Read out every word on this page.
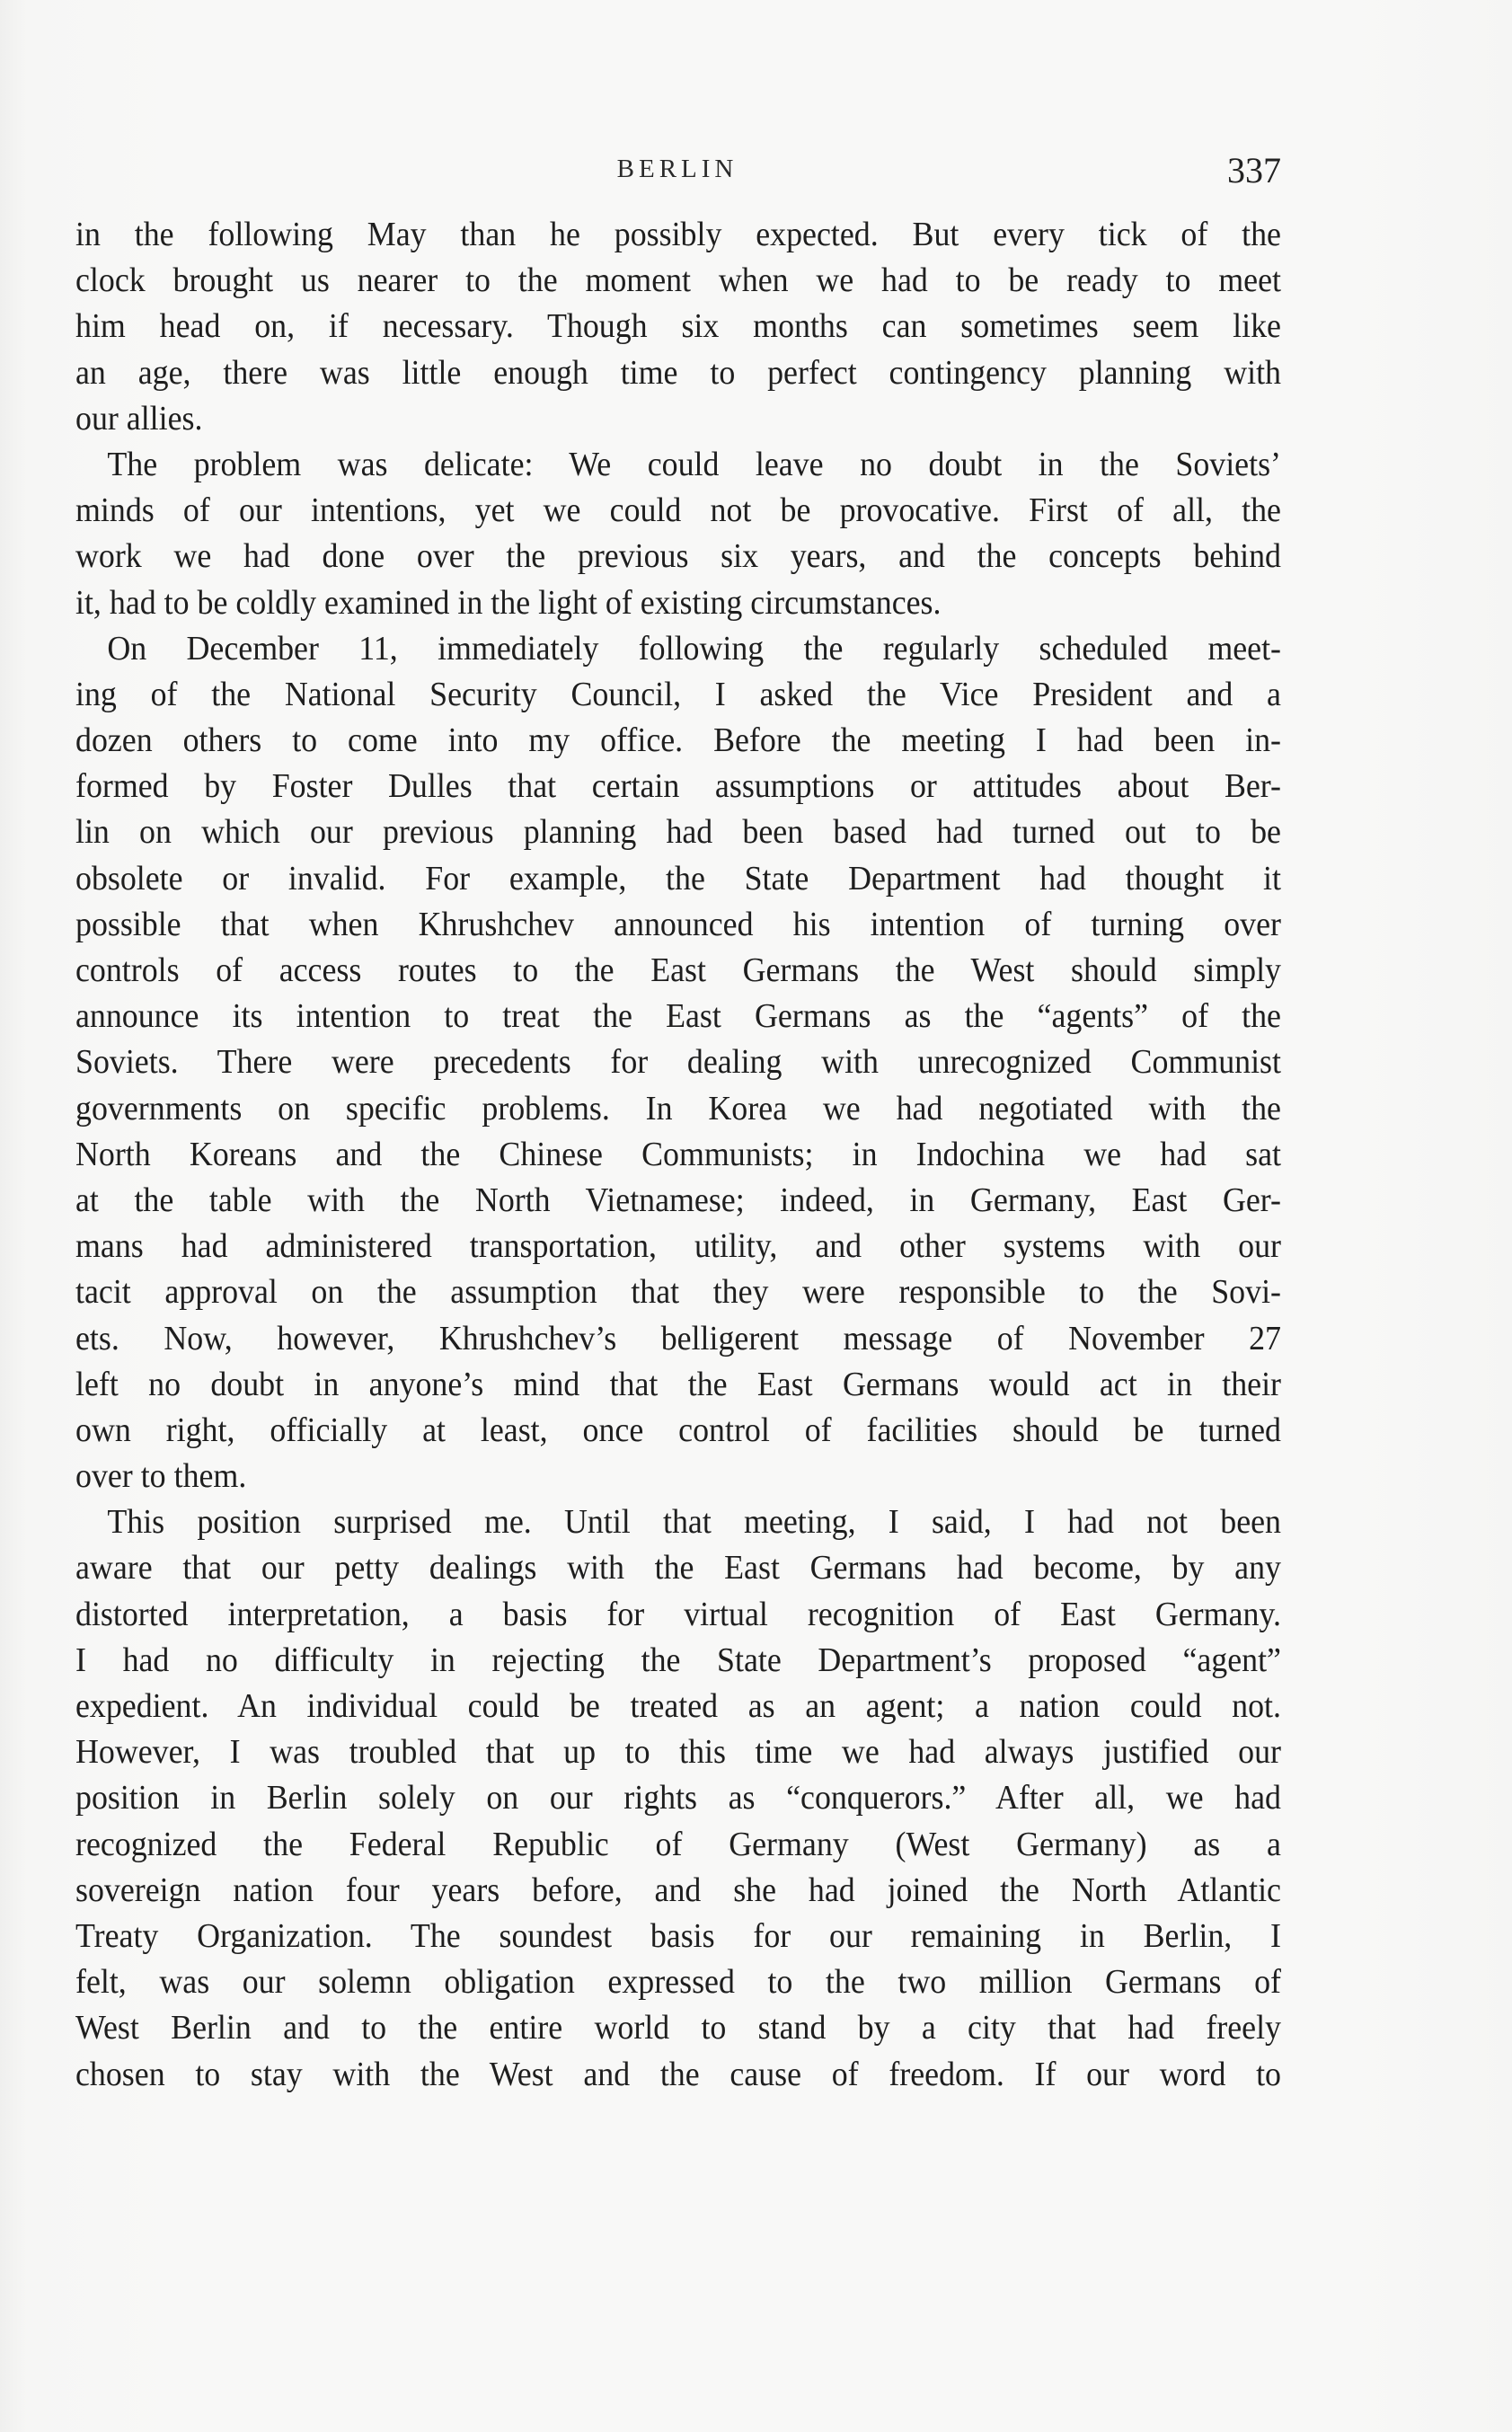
BERLIN	337
in the following May than he possibly expected. But every tick of the
clock brought us nearer to the moment when we had to be ready to meet
him head on, if necessary. Though six months can sometimes seem like
an age, there was little enough time to perfect contingency planning with
our allies.
The problem was delicate: We could leave no doubt in the Soviets’
minds of our intentions, yet we could not be provocative. First of all, the
work we had done over the previous six years, and the concepts behind
it, had to be coldly examined in the light of existing circumstances.
On December 11, immediately following the regularly scheduled meet-
ing of the National Security Council, I asked the Vice President and a
dozen others to come into my office. Before the meeting I had been in-
formed by Foster Dulles that certain assumptions or attitudes about Ber-
lin on which our previous planning had been based had turned out to be
obsolete or invalid. For example, the State Department had thought it
possible that when Khrushchev announced his intention of turning over
controls of access routes to the East Germans the West should simply
announce its intention to treat the East Germans as the “agents” of the
Soviets. There were precedents for dealing with unrecognized Communist
governments on specific problems. In Korea we had negotiated with the
North Koreans and the Chinese Communists; in Indochina we had sat
at the table with the North Vietnamese; indeed, in Germany, East Ger-
mans had administered transportation, utility, and other systems with our
tacit approval on the assumption that they were responsible to the Sovi-
ets. Now, however, Khrushchev’s belligerent message of November 27
left no doubt in anyone’s mind that the East Germans would act in their
own right, officially at least, once control of facilities should be turned
over to them.
This position surprised me. Until that meeting, I said, I had not been
aware that our petty dealings with the East Germans had become, by any
distorted interpretation, a basis for virtual recognition of East Germany.
I had no difficulty in rejecting the State Department’s proposed “agent”
expedient. An individual could be treated as an agent; a nation could not.
However, I was troubled that up to this time we had always justified our
position in Berlin solely on our rights as “conquerors.” After all, we had
recognized the Federal Republic of Germany (West Germany) as a
sovereign nation four years before, and she had joined the North Atlantic
Treaty Organization. The soundest basis for our remaining in Berlin, I
felt, was our solemn obligation expressed to the two million Germans of
West Berlin and to the entire world to stand by a city that had freely
chosen to stay with the West and the cause of freedom. If our word to
